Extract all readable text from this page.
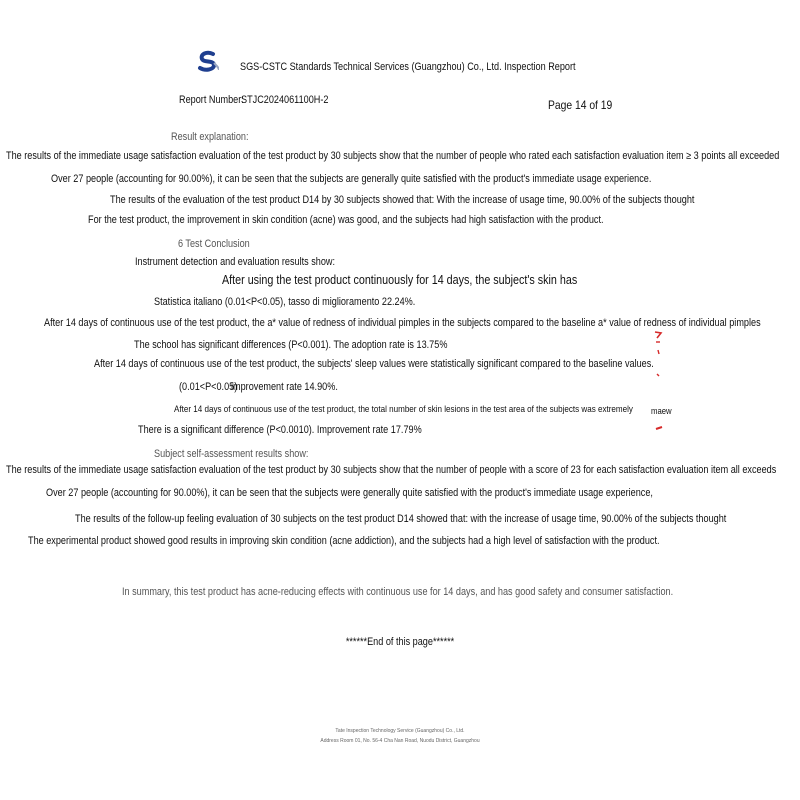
SGS-CSTC Standards Technical Services (Guangzhou) Co., Ltd. Inspection Report
Report Number:
STJC2024061100H-2	Page 14 of 19
Result explanation:
The results of the immediate usage satisfaction evaluation of the test product by 30 subjects show that the number of people who rated each satisfaction evaluation item ≥ 3 points all exceeded
Over 27 people (accounting for 90.00%), it can be seen that the subjects are generally quite satisfied with the product's immediate usage experience.
The results of the evaluation of the test product D14 by 30 subjects showed that: With the increase of usage time, 90.00% of the subjects thought
For the test product, the improvement in skin condition (acne) was good, and the subjects had high satisfaction with the product.
6 Test Conclusion
Instrument detection and evaluation results show:
After using the test product continuously for 14 days, the subject's skin has
Statistica italiano (0.01<P<0.05), tasso di miglioramento 22.24%.
After 14 days of continuous use of the test product, the a* value of redness of individual pimples in the subjects compared to the baseline a* value of redness of individual pimples
The school has significant differences (P<0.001). The adoption rate is 13.75%
After 14 days of continuous use of the test product, the subjects' sleep values were statistically significant compared to the baseline values.
(0.01<P<0.05)
improvement rate 14.90%.
After 14 days of continuous use of the test product, the total number of skin lesions in the test area of the subjects was extremely
There is a significant difference (P<0.0010). Improvement rate 17.79%
maew
Subject self-assessment results show:
The results of the immediate usage satisfaction evaluation of the test product by 30 subjects show that the number of people with a score of 23 for each satisfaction evaluation item all exceeds
Over 27 people (accounting for 90.00%), it can be seen that the subjects were generally quite satisfied with the product's immediate usage experience,
The results of the follow-up feeling evaluation of 30 subjects on the test product D14 showed that: with the increase of usage time, 90.00% of the subjects thought
The experimental product showed good results in improving skin condition (acne addiction), and the subjects had a high level of satisfaction with the product.
In summary, this test product has acne-reducing effects with continuous use for 14 days, and has good safety and consumer satisfaction.
******End of this page******
Tate Inspection Technology Service (Guangzhou) Co., Ltd.
Address Room 01, No. 56-4 Cha Nan Road, Nuodu District, Guangzhou
